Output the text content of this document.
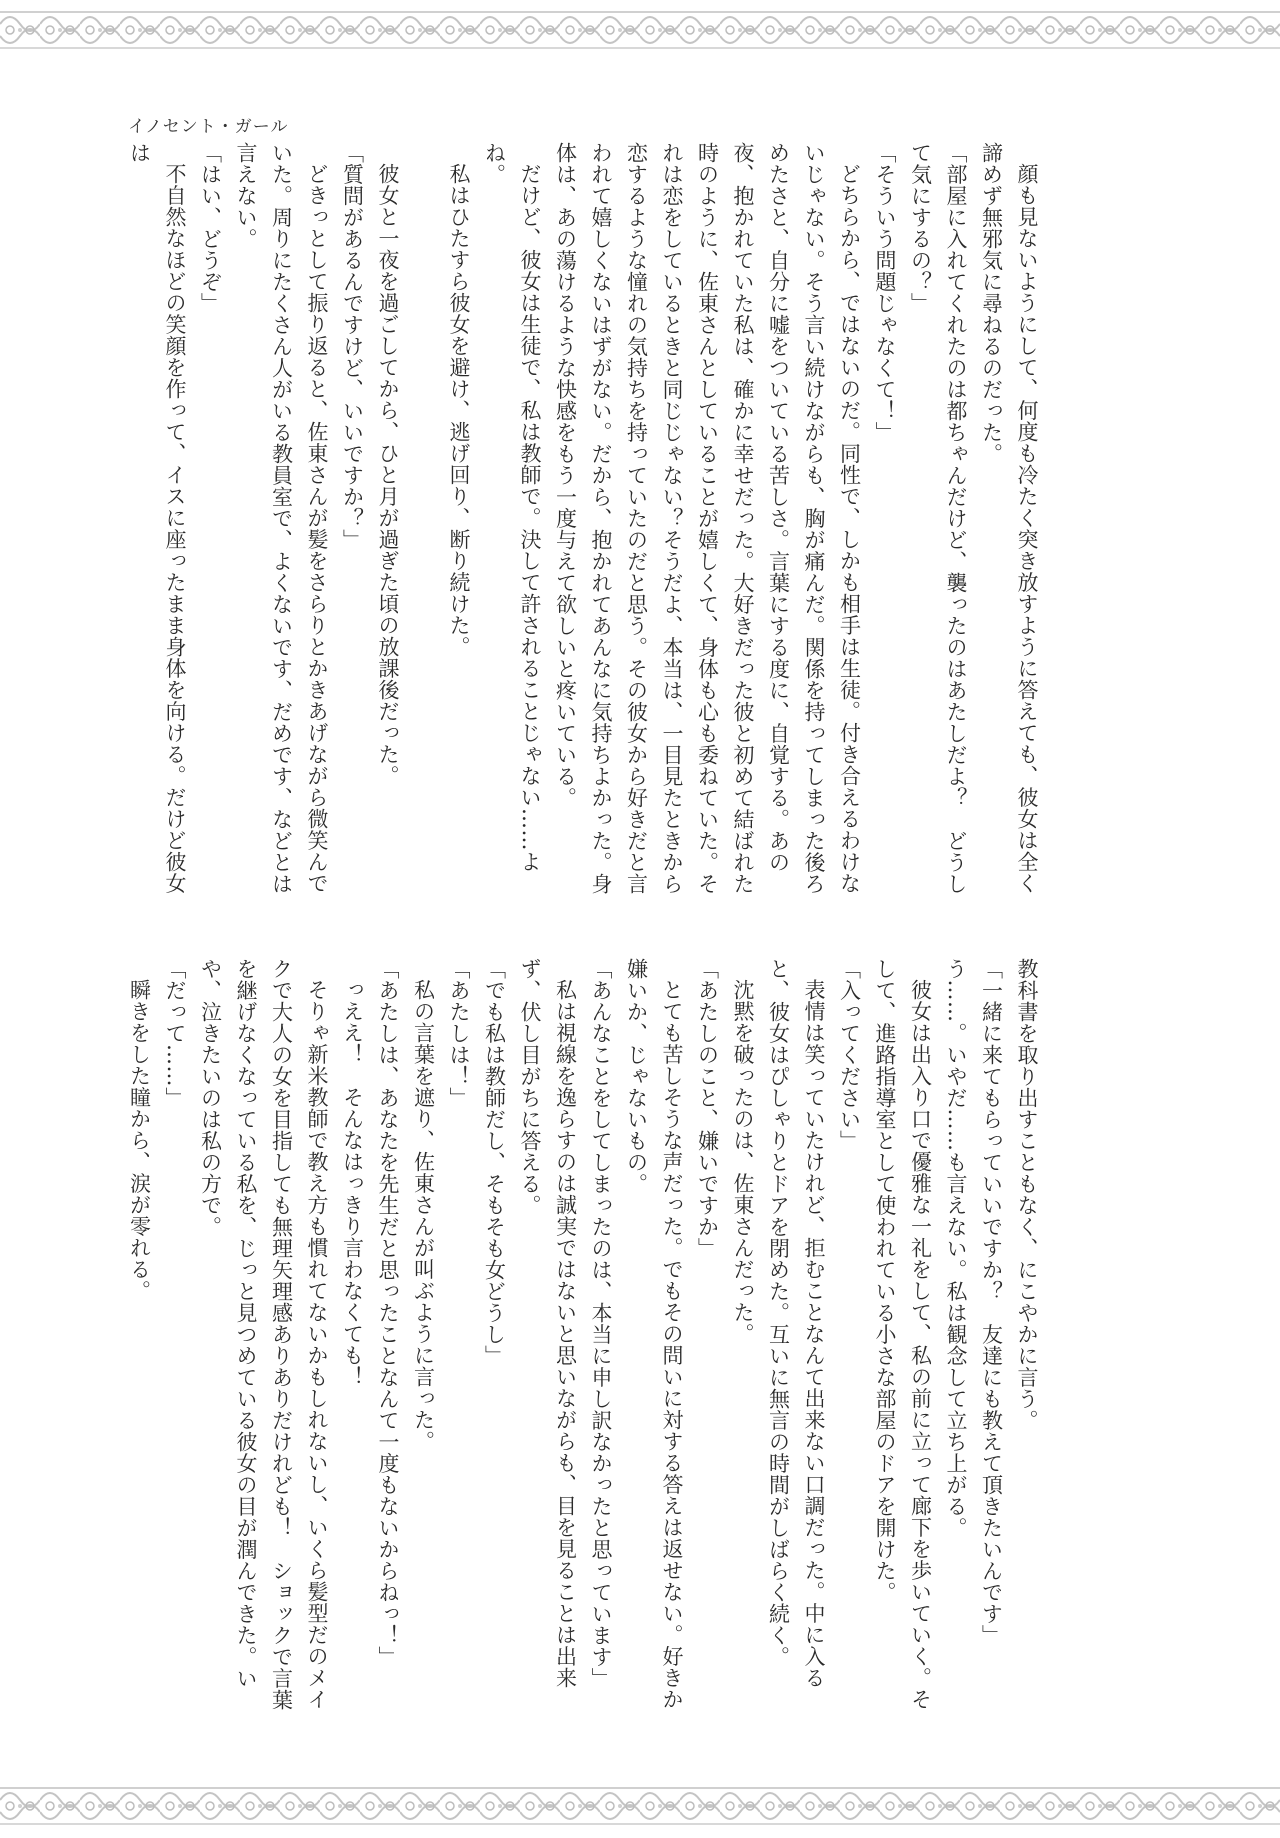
イノセント・ガール

顔も見ないようにして、何度も冷たく突き放すように答えても、彼女は全く諦めず無邪気に尋ねるのだった。

「部屋に入れてくれたのは都ちゃんだけど、襲ったのはあたしだよ？　どうして気にするの？」

「そういう問題じゃなくて！」

どちらから、ではないのだ。同性で、しかも相手は生徒。付き合えるわけないじゃない。そう言い続けながらも、胸が痛んだ。関係を持ってしまった後ろめたさと、自分に嘘をついている苦しさ。言葉にする度に、自覚する。あの夜、抱かれていた私は、確かに幸せだった。大好きだった彼と初めて結ばれた時のように、佐東さんとしていることが嬉しくて、身体も心も委ねていた。それは恋をしているときと同じじゃない？そうだよ、本当は、一目見たときから恋するような憧れの気持ちを持っていたのだと思う。その彼女から好きだと言われて嬉しくないはずがない。だから、抱かれてあんなに気持ちよかった。身体は、あの蕩けるような快感をもう一度与えて欲しいと疼いている。

だけど、彼女は生徒で、私は教師で。決して許されることじゃない……よね。

私はひたすら彼女を避け、逃げ回り、断り続けた。

彼女と一夜を過ごしてから、ひと月が過ぎた頃の放課後だった。

「質問があるんですけど、いいですか？」

どきっとして振り返ると、佐東さんが髪をさらりとかきあげながら微笑んでいた。周りにたくさん人がいる教員室で、よくないです、だめです、などとは言えない。

「はい、どうぞ」

不自然なほどの笑顔を作って、イスに座ったまま身体を向ける。だけど彼女は

教科書を取り出すこともなく、にこやかに言う。

「一緒に来てもらっていいですか？　友達にも教えて頂きたいんです」

う……。いやだ……も言えない。私は観念して立ち上がる。

彼女は出入り口で優雅な一礼をして、私の前に立って廊下を歩いていく。そして、進路指導室として使われている小さな部屋のドアを開けた。

「入ってください」

表情は笑っていたけれど、拒むことなんて出来ない口調だった。中に入ると、彼女はぴしゃりとドアを閉めた。互いに無言の時間がしばらく続く。

沈黙を破ったのは、佐東さんだった。

「あたしのこと、嫌いですか」

とても苦しそうな声だった。でもその問いに対する答えは返せない。好きか嫌いか、じゃないもの。

「あんなことをしてしまったのは、本当に申し訳なかったと思っています」

私は視線を逸らすのは誠実ではないと思いながらも、目を見ることは出来ず、伏し目がちに答える。

「でも私は教師だし、そもそも女どうし」

「あたしは！」

私の言葉を遮り、佐東さんが叫ぶように言った。

「あたしは、あなたを先生だと思ったことなんて一度もないからねっ！」

っええ！　そんなはっきり言わなくても！

そりゃ新米教師で教え方も慣れてないかもしれないし、いくら髪型だのメイクで大人の女を目指しても無理矢理感ありありだけれども！　ショックで言葉を継げなくなっている私を、じっと見つめている彼女の目が潤んできた。いや、泣きたいのは私の方で。

「だって……」

瞬きをした瞳から、涙が零れる。
